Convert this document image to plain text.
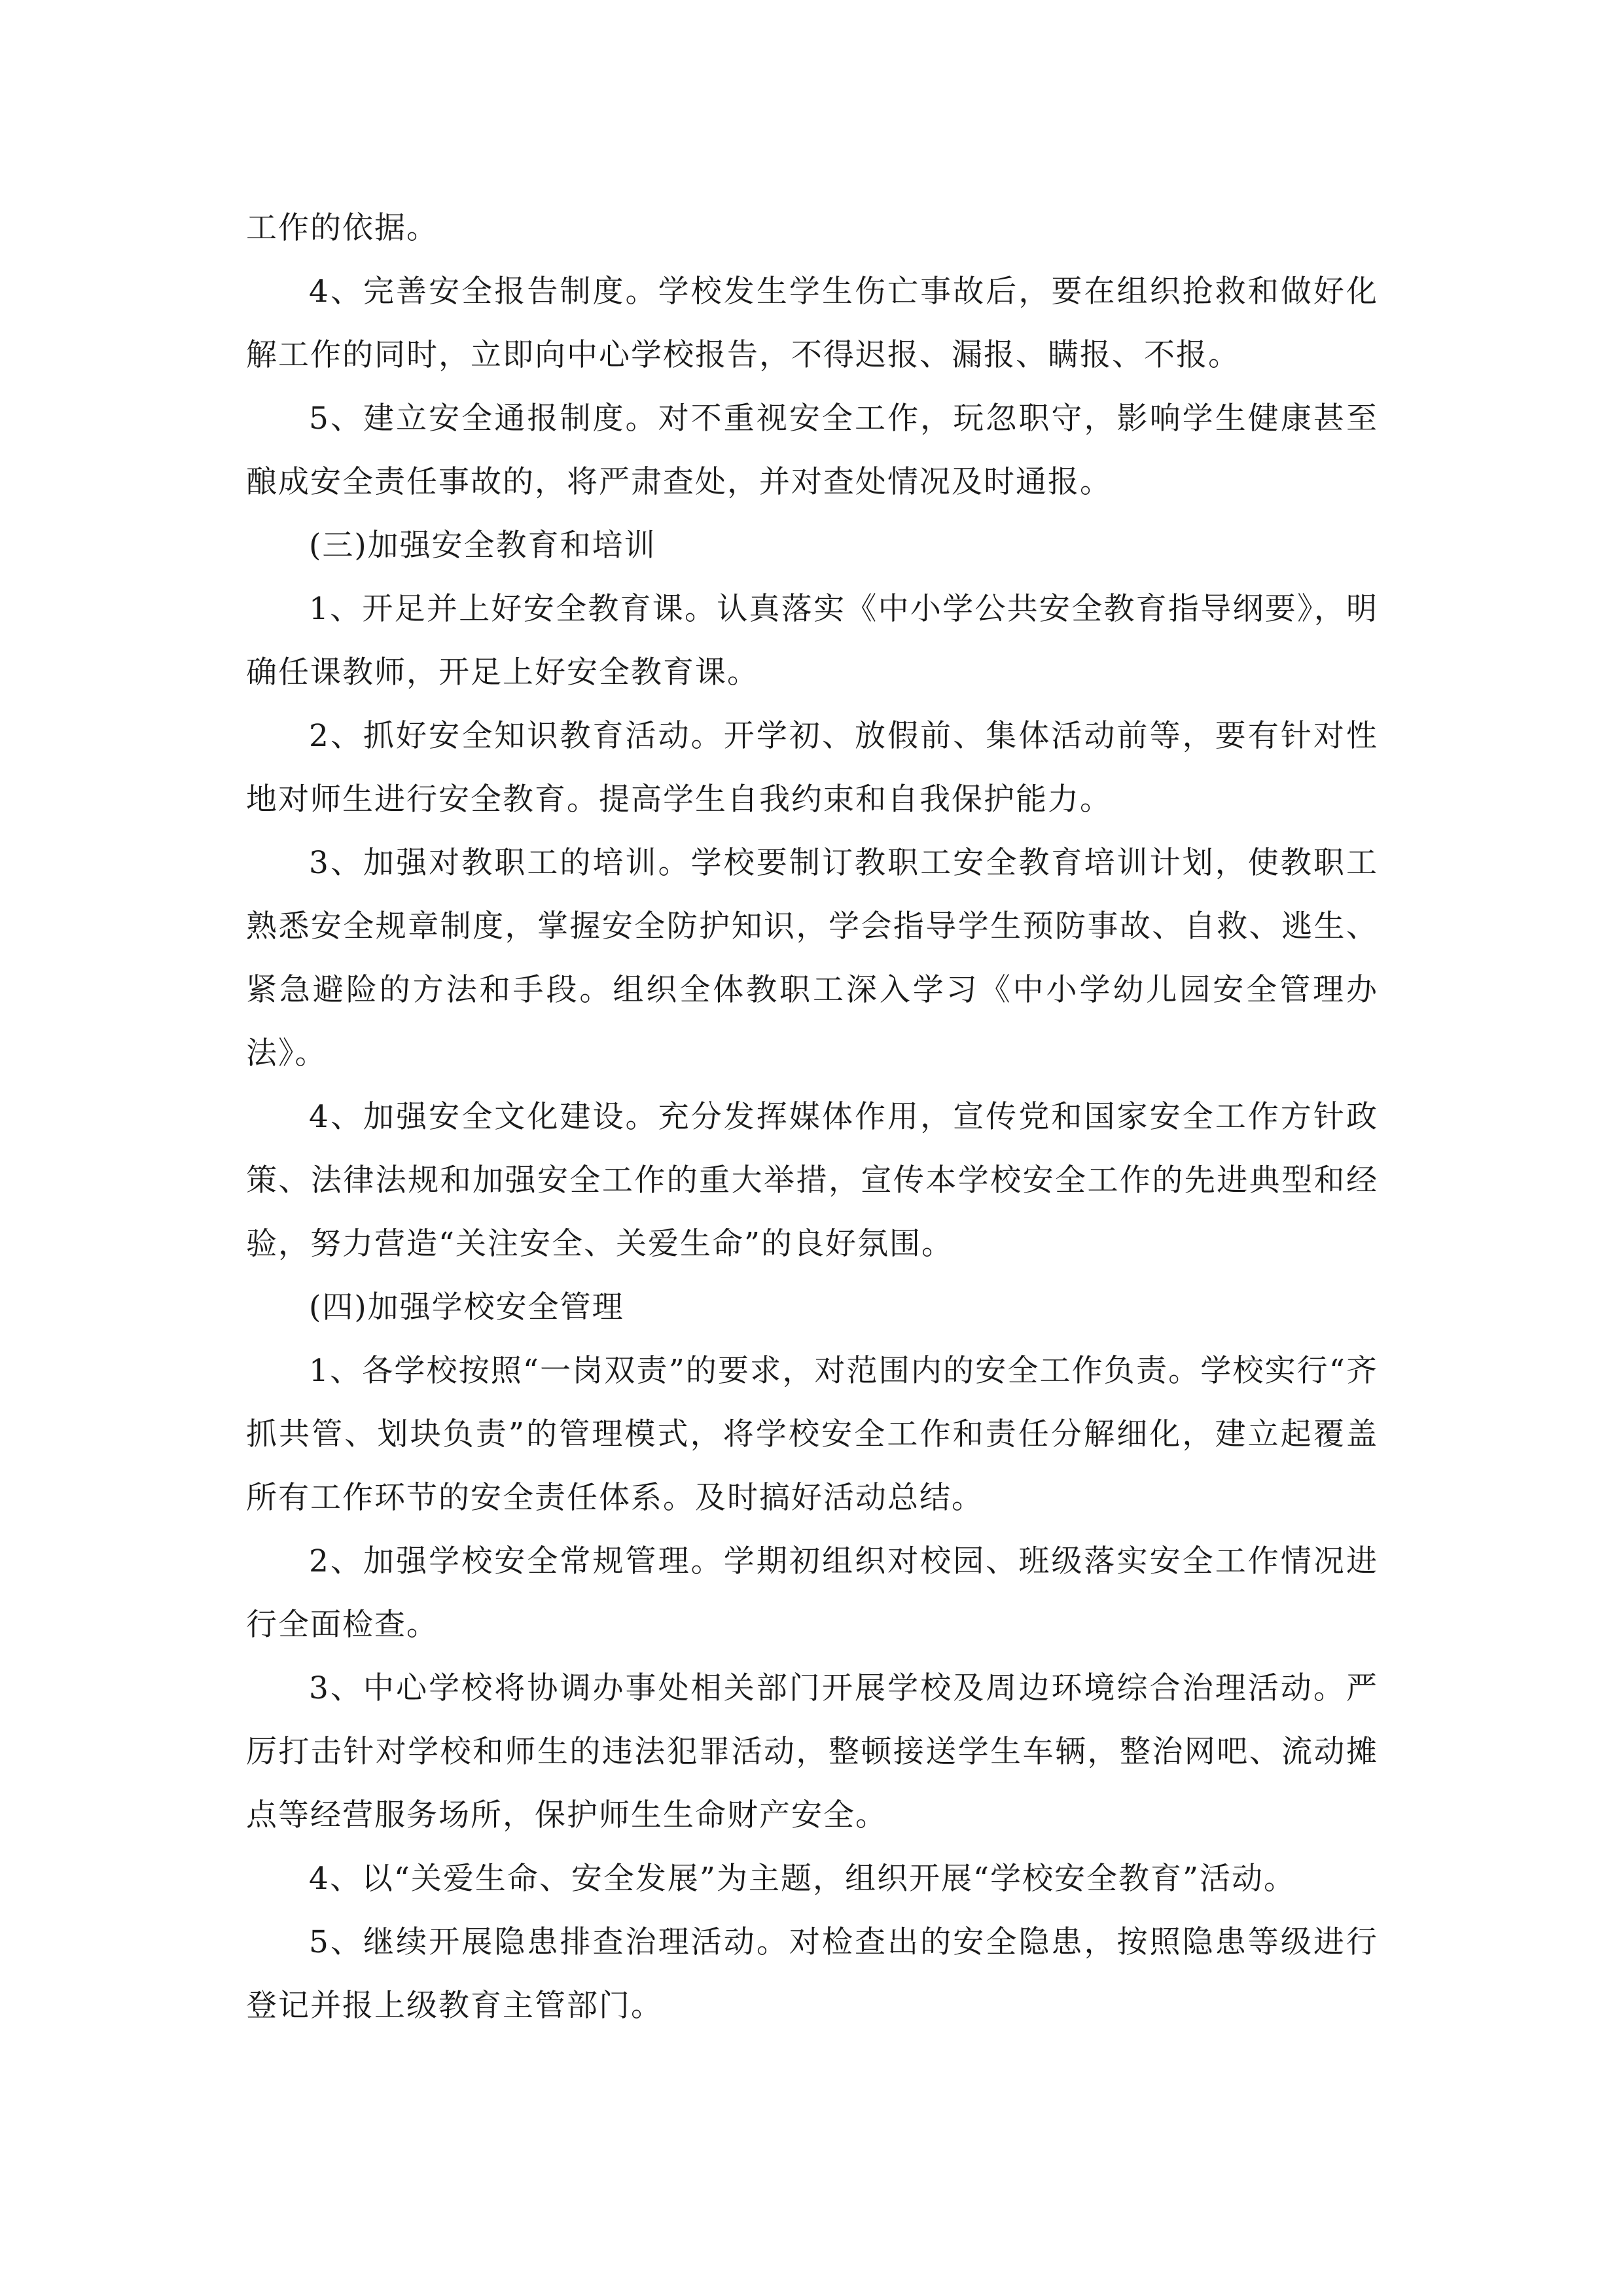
工作的依据。

4、完善安全报告制度。学校发生学生伤亡事故后，要在组织抢救和做好化解工作的同时，立即向中心学校报告，不得迟报、漏报、瞒报、不报。

5、建立安全通报制度。对不重视安全工作，玩忽职守，影响学生健康甚至酿成安全责任事故的，将严肃查处，并对查处情况及时通报。

(三)加强安全教育和培训

1、开足并上好安全教育课。认真落实《中小学公共安全教育指导纲要》，明确任课教师，开足上好安全教育课。

2、抓好安全知识教育活动。开学初、放假前、集体活动前等，要有针对性地对师生进行安全教育。提高学生自我约束和自我保护能力。

3、加强对教职工的培训。学校要制订教职工安全教育培训计划，使教职工熟悉安全规章制度，掌握安全防护知识，学会指导学生预防事故、自救、逃生、紧急避险的方法和手段。组织全体教职工深入学习《中小学幼儿园安全管理办法》。

4、加强安全文化建设。充分发挥媒体作用，宣传党和国家安全工作方针政策、法律法规和加强安全工作的重大举措，宣传本学校安全工作的先进典型和经验，努力营造“关注安全、关爱生命”的良好氛围。

(四)加强学校安全管理

1、各学校按照“一岗双责”的要求，对范围内的安全工作负责。学校实行“齐抓共管、划块负责”的管理模式，将学校安全工作和责任分解细化，建立起覆盖所有工作环节的安全责任体系。及时搞好活动总结。

2、加强学校安全常规管理。学期初组织对校园、班级落实安全工作情况进行全面检查。

3、中心学校将协调办事处相关部门开展学校及周边环境综合治理活动。严厉打击针对学校和师生的违法犯罪活动，整顿接送学生车辆，整治网吧、流动摊点等经营服务场所，保护师生生命财产安全。

4、以“关爱生命、安全发展”为主题，组织开展“学校安全教育”活动。

5、继续开展隐患排查治理活动。对检查出的安全隐患，按照隐患等级进行登记并报上级教育主管部门。
